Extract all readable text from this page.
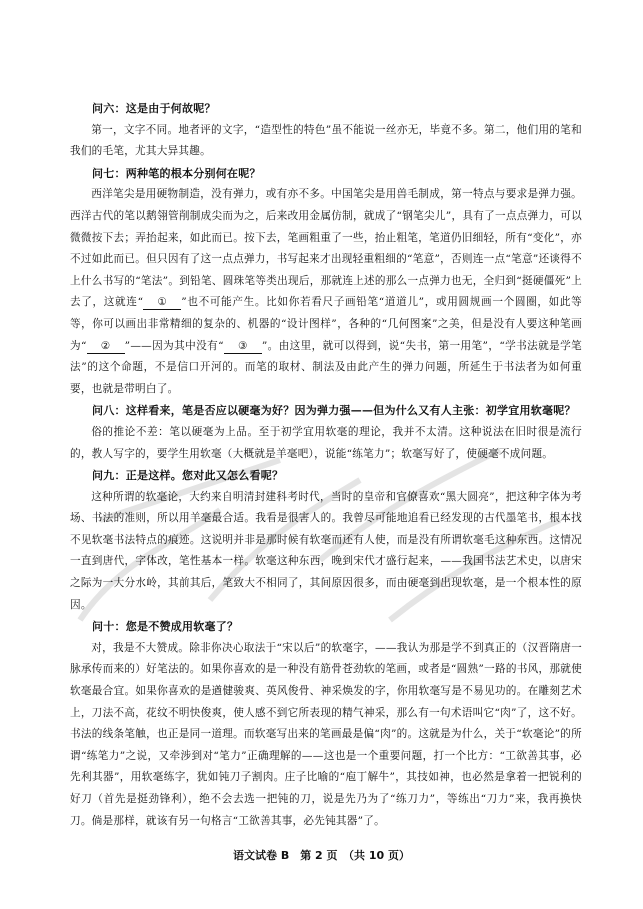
问六：这是由于何故呢？

第一，文字不同。地者评的文字，“造型性的特色”虽不能说一丝亦无，毕竟不多。第二，他们用的笔和我们的毛笔，尤其大异其趣。

问七：两种笔的根本分别何在呢？

西洋笔尖是用硬物制造，没有弹力，或有亦不多。中国笔尖是用兽毛制成，第一特点与要求是弹力强。西洋古代的笔以鹅翎管削制成尖而为之，后来改用金属仿制，就成了“钢笔尖儿”，具有了一点点弹力，可以微微按下去；弄抬起来，如此而已。按下去，笔画粗重了一些，抬止粗笔，笔道仍旧细轻，所有“变化”，亦不过如此而已。但只因有了这一点点弹力，书写起来才出现轻重粗细的“笔意”，否则连一点“笔意”还谈得不上什么书写的“笔法”。到铅笔、圆珠笔等类出现后，那就连上述的那么一点弹力也无，全归到“挺硬僵死”上去了，这就连“ ① ”也不可能产生。比如你若看尺子画铅笔“道道儿”，或用圆规画一个圆圈，如此等等，你可以画出非常精细的复杂的、机器的“设计图样”，各种的“几何图案”之美，但是没有人要这种笔画为“ ② ”——因为其中没有“ ③ ”。由这里，就可以得到，说“失书，第一用笔”，“学书法就是学笔法”的这个命题，不是信口开河的。而笔的取材、制法及由此产生的弹力问题，所延生于书法者为如何重要，也就是带明白了。

问八：这样看来，笔是否应以硬毫为好？因为弹力强——但为什么又有人主张：初学宜用软毫呢？

俗的推论不差：笔以硬毫为上品。至于初学宜用软毫的理论，我并不太清。这种说法在旧时很是流行的，教人写字的，要学生用软毫（大概就是羊毫吧），说能“练笔力”；软毫写好了，使硬毫不成问题。

问九：正是这样。您对此又怎么看呢？

这种所谓的软毫论，大约来自明清封建科考时代，当时的皇帝和官僚喜欢“黑大圆亮”，把这种字体为考场、书法的准则，所以用羊毫最合适。我看是很害人的。我曾尽可能地追看已经发现的古代墨笔书，根本找不见软毫书法特点的痕迹。这说明并非是那时候有软毫而还有人使，而是没有所谓软毫毛这种东西。这情况一直到唐代，字体改，笔性基本一样。软毫这种东西，晚到宋代才盛行起来，——我国书法艺术史，以唐宋之际为一大分水岭，其前其后，笔致大不相同了，其间原因很多，而由硬毫到出现软毫，是一个根本性的原因。

问十：您是不赞成用软毫了？

对，我是不大赞成。除非你决心取法于“宋以后”的软毫字，——我认为那是学不到真正的（汉晋隋唐一脉承传而来的）好笔法的。如果你喜欢的是一种没有筋骨苍劲软的笔画，或者是“圆熟”一路的书风，那就使软毫最合宜。如果你喜欢的是遒健骏爽、英风俊骨、神采焕发的字，你用软毫写是不易见功的。在雕刻艺术上，刀法不高，花纹不明快俊爽，使人感不到它所表现的精气神采，那么有一句术语叫它“肉”了，这不好。书法的线条笔触，也正是同一道理。而软毫写出来的笔画最是偏“肉”的。这就是为什么，关于“软毫论”的所谓“练笔力”之说，又牵涉到对“笔力”正确理解的——这也是一个重要问题，打一个比方：“工欲善其事，必先利其器”，用软毫练字，犹如钝刀子割肉。庄子比喻的“庖丁解牛”，其技如神，也必然是拿着一把锐利的好刀（首先是挺劲锋利），绝不会去选一把钝的刀，说是先乃为了“练刀力”，等练出“刀力”来，我再换快刀。倘是那样，就该有另一句格言“工欲善其事，必先钝其器”了。

语文试卷 B　第 2 页　（共 10 页）
